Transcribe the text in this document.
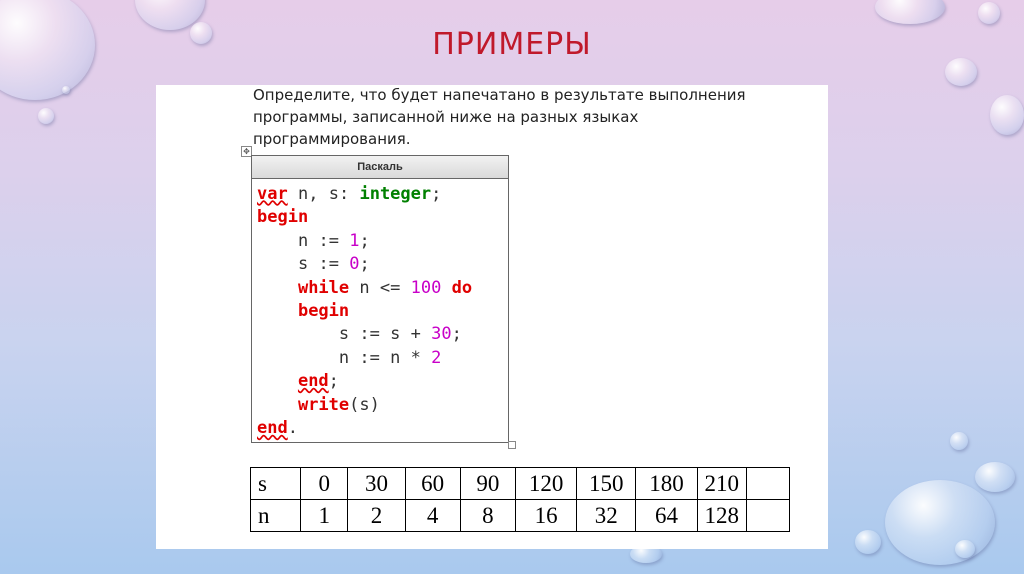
ПРИМЕРЫ
Определите, что будет напечатано в результате выполнения
программы, записанной ниже на разных языках
программирования.
✥
Паскаль
var n, s: integer;
begin
n := 1;
s := 0;
while n <= 100 do
begin
s := s + 30;
n := n * 2
end;
write(s)
end.
s	0	30	60	90	120	150	180	210	
n	1	2	4	8	16	32	64	128	
